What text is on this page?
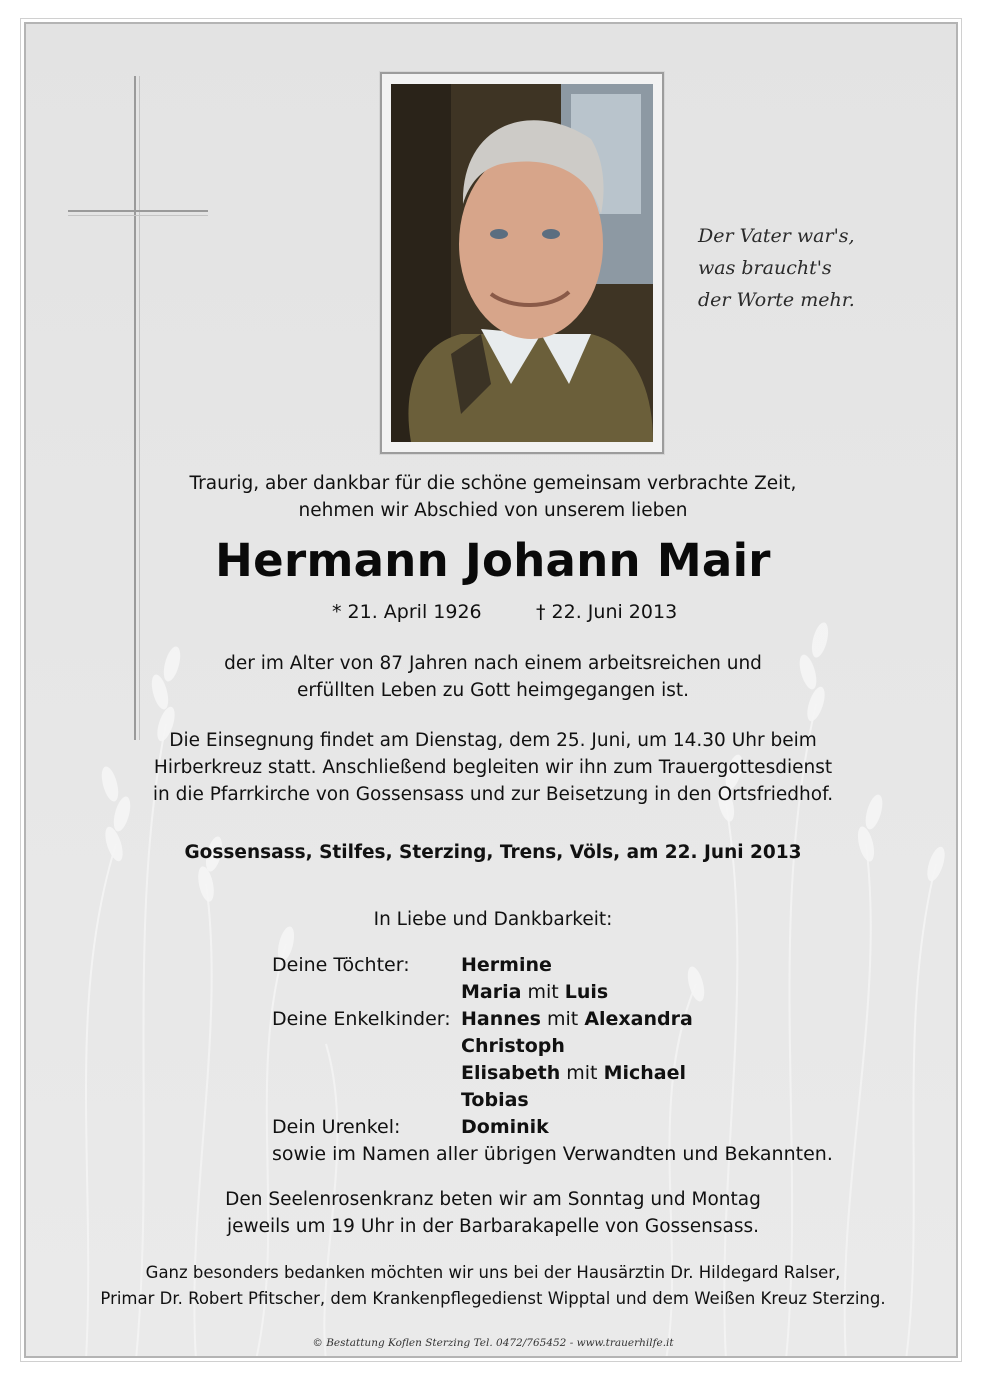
Der Vater war's,
was braucht's
der Worte mehr.
Traurig, aber dankbar für die schöne gemeinsam verbrachte Zeit,
nehmen wir Abschied von unserem lieben
Hermann Johann Mair
* 21. April 1926	† 22. Juni 2013
der im Alter von 87 Jahren nach einem arbeitsreichen und
erfüllten Leben zu Gott heimgegangen ist.
Die Einsegnung findet am Dienstag, dem 25. Juni, um 14.30 Uhr beim
Hirberkreuz statt. Anschließend begleiten wir ihn zum Trauergottesdienst
in die Pfarrkirche von Gossensass und zur Beisetzung in den Ortsfriedhof.
Gossensass, Stilfes, Sterzing, Trens, Völs, am 22. Juni 2013
In Liebe und Dankbarkeit:
Deine Töchter:	Hermine
Maria mit Luis
Deine Enkelkinder: Hannes mit Alexandra
Christoph
Elisabeth mit Michael
Tobias
Dein Urenkel:	Dominik
sowie im Namen aller übrigen Verwandten und Bekannten.
Den Seelenrosenkranz beten wir am Sonntag und Montag
jeweils um 19 Uhr in der Barbarakapelle von Gossensass.
Ganz besonders bedanken möchten wir uns bei der Hausärztin Dr. Hildegard Ralser,
Primar Dr. Robert Pfitscher, dem Krankenpflegedienst Wipptal und dem Weißen Kreuz Sterzing.
© Bestattung Koflen Sterzing Tel. 0472/765452 - www.trauerhilfe.it
